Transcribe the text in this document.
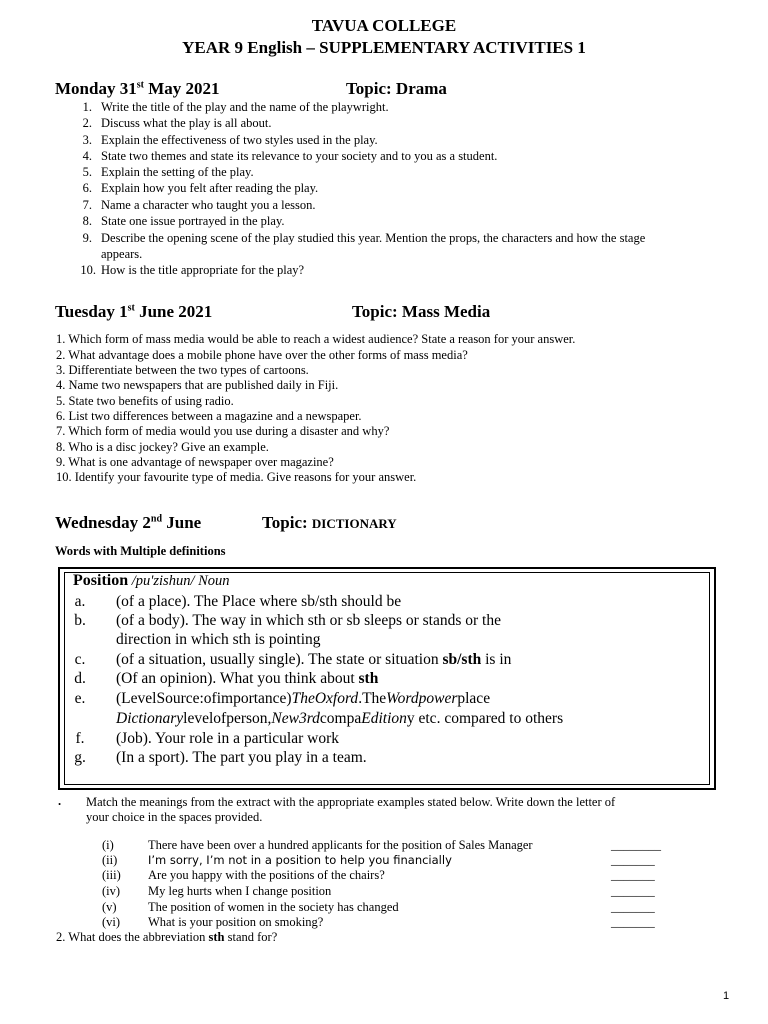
TAVUA COLLEGE
YEAR 9 English – SUPPLEMENTARY ACTIVITIES 1
Monday 31st May 2021	Topic: Drama
1. Write the title of the play and the name of the playwright.
2. Discuss what the play is all about.
3. Explain the effectiveness of two styles used in the play.
4. State two themes and state its relevance to your society and to you as a student.
5. Explain the setting of the play.
6. Explain how you felt after reading the play.
7. Name a character who taught you a lesson.
8. State one issue portrayed in the play.
9. Describe the opening scene of the play studied this year. Mention the props, the characters and how the stage
appears.
10. How is the title appropriate for the play?
Tuesday 1st June 2021	Topic: Mass Media
1. Which form of mass media would be able to reach a widest audience? State a reason for your answer.
2. What advantage does a mobile phone have over the other forms of mass media?
3. Differentiate between the two types of cartoons.
4. Name two newspapers that are published daily in Fiji.
5. State two benefits of using radio.
6. List two differences between a magazine and a newspaper.
7. Which form of media would you use during a disaster and why?
8. Who is a disc jockey? Give an example.
9. What is one advantage of newspaper over magazine?
10. Identify your favourite type of media. Give reasons for your answer.
Wednesday 2nd June	Topic: DICTIONARY
Words with Multiple definitions
Position /pu'zishun/ Noun
a.	(of a place). The Place where sb/sth should be
b.	(of a body). The way in which sth or sb sleeps or stands or the
direction in which sth is pointing
c.	(of a situation, usually single). The state or situation sb/sth is in
d.	(Of an opinion). What you think about sth
e.	(LevelSource:ofimportance)TheOxford.TheWordpowerplace
Dictionarylevelofperson,New3rdcompaEditiony etc. compared to others
f.	(Job). Your role in a particular work
g.	(In a sport). The part you play in a team.
. Match the meanings from the extract with the appropriate examples stated below. Write down the letter of
your choice in the spaces provided.
(i)	There have been over a hundred applicants for the position of Sales Manager	________
(ii)	I’m sorry, I’m not in a position to help you financially	_______
(iii) Are you happy with the positions of the chairs?	_______
(iv) My leg hurts when I change position	_______
(v)	The position of women in the society has changed	_______
(vi) What is your position on smoking?	_______
2. What does the abbreviation sth stand for?
1
